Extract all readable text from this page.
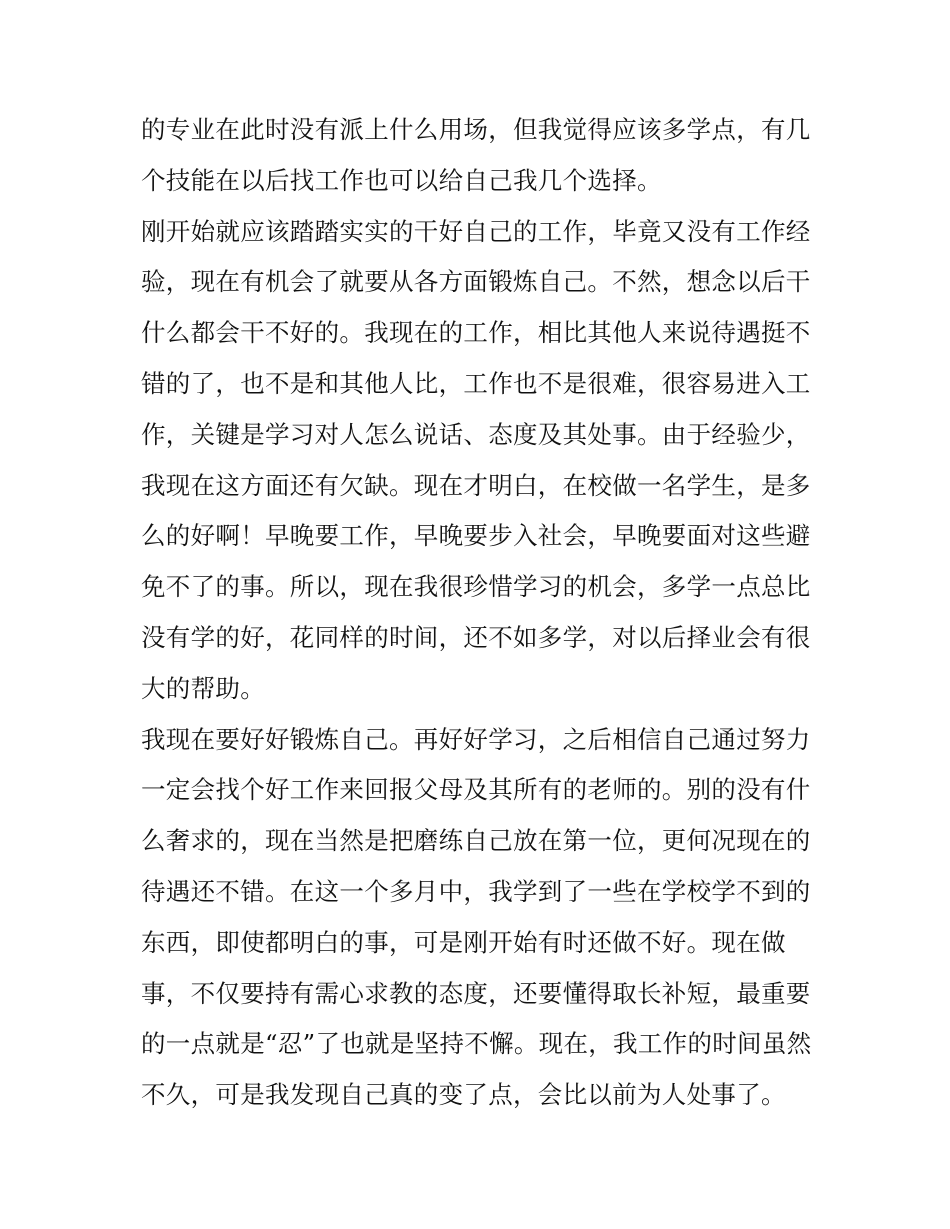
的专业在此时没有派上什么用场，但我觉得应该多学点，有几
个技能在以后找工作也可以给自己我几个选择。
刚开始就应该踏踏实实的干好自己的工作，毕竟又没有工作经
验，现在有机会了就要从各方面锻炼自己。不然，想念以后干
什么都会干不好的。我现在的工作，相比其他人来说待遇挺不
错的了，也不是和其他人比，工作也不是很难，很容易进入工
作，关键是学习对人怎么说话、态度及其处事。由于经验少，
我现在这方面还有欠缺。现在才明白，在校做一名学生，是多
么的好啊！早晚要工作，早晚要步入社会，早晚要面对这些避
免不了的事。所以，现在我很珍惜学习的机会，多学一点总比
没有学的好，花同样的时间，还不如多学，对以后择业会有很
大的帮助。
我现在要好好锻炼自己。再好好学习，之后相信自己通过努力
一定会找个好工作来回报父母及其所有的老师的。别的没有什
么奢求的，现在当然是把磨练自己放在第一位，更何况现在的
待遇还不错。在这一个多月中，我学到了一些在学校学不到的
东西，即使都明白的事，可是刚开始有时还做不好。现在做
事，不仅要持有需心求教的态度，还要懂得取长补短，最重要
的一点就是“忍”了也就是坚持不懈。现在，我工作的时间虽然
不久，可是我发现自己真的变了点，会比以前为人处事了。
